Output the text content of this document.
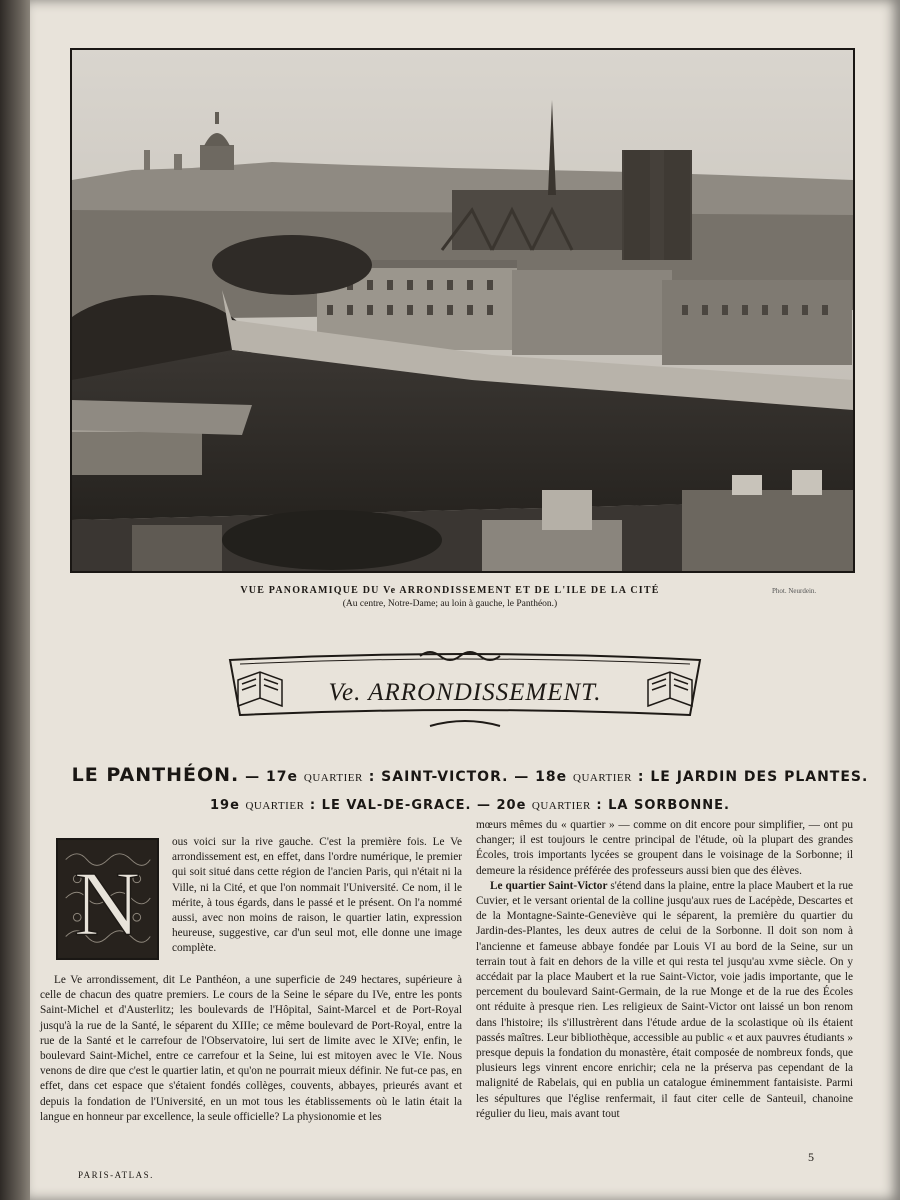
VUE PANORAMIQUE DU Ve ARRONDISSEMENT ET DE L'ILE DE LA CITÉ
(Au centre, Notre-Dame; au loin à gauche, le Panthéon.)
Phot. Neurdein.
Ve. ARRONDISSEMENT.
LE PANTHÉON. — 17e QUARTIER : SAINT-VICTOR. — 18e QUARTIER : LE JARDIN DES PLANTES.
19e QUARTIER : LE VAL-DE-GRACE. — 20e QUARTIER : LA SORBONNE.
N

ous voici sur la rive gauche. C'est la première fois. Le Ve arrondissement est, en effet, dans l'ordre numérique, le premier qui soit situé dans cette région de l'ancien Paris, qui n'était ni la Ville, ni la Cité, et que l'on nommait l'Université. Ce nom, il le mérite, à tous égards, dans le passé et le présent. On l'a nommé aussi, avec non moins de raison, le quartier latin, expression heureuse, suggestive, car d'un seul mot, elle donne une image complète.

Le Ve arrondissement, dit Le Panthéon, a une superficie de 249 hectares, supérieure à celle de chacun des quatre premiers. Le cours de la Seine le sépare du IVe, entre les ponts Saint-Michel et d'Austerlitz; les boulevards de l'Hôpital, Saint-Marcel et de Port-Royal jusqu'à la rue de la Santé, le séparent du XIIIe; ce même boulevard de Port-Royal, entre la rue de la Santé et le carrefour de l'Observatoire, lui sert de limite avec le XIVe; enfin, le boulevard Saint-Michel, entre ce carrefour et la Seine, lui est mitoyen avec le VIe. Nous venons de dire que c'est le quartier latin, et qu'on ne pourrait mieux définir. Ne fut-ce pas, en effet, dans cet espace que s'étaient fondés collèges, couvents, abbayes, prieurés avant et depuis la fondation de l'Université, en un mot tous les établissements où le latin était la langue en honneur par excellence, la seule officielle? La physionomie et les

mœurs mêmes du « quartier » — comme on dit encore pour simplifier, — ont pu changer; il est toujours le centre principal de l'étude, où la plupart des grandes Écoles, trois importants lycées se groupent dans le voisinage de la Sorbonne; il demeure la résidence préférée des professeurs aussi bien que des élèves.

Le quartier Saint-Victor s'étend dans la plaine, entre la place Maubert et la rue Cuvier, et le versant oriental de la colline jusqu'aux rues de Lacépède, Descartes et de la Montagne-Sainte-Geneviève qui le séparent, la première du quartier du Jardin-des-Plantes, les deux autres de celui de la Sorbonne. Il doit son nom à l'ancienne et fameuse abbaye fondée par Louis VI au bord de la Seine, sur un terrain tout à fait en dehors de la ville et qui resta tel jusqu'au xvme siècle. On y accédait par la place Maubert et la rue Saint-Victor, voie jadis importante, que le percement du boulevard Saint-Germain, de la rue Monge et de la rue des Écoles ont réduite à presque rien. Les religieux de Saint-Victor ont laissé un bon renom dans l'histoire; ils s'illustrèrent dans l'étude ardue de la scolastique où ils étaient passés maîtres. Leur bibliothèque, accessible au public « et aux pauvres étudiants » presque depuis la fondation du monastère, était composée de nombreux fonds, que plusieurs legs vinrent encore enrichir; cela ne la préserva pas cependant de la malignité de Rabelais, qui en publia un catalogue éminemment fantaisiste. Parmi les sépultures que l'église renfermait, il faut citer celle de Santeuil, chanoine régulier du lieu, mais avant tout

PARIS-ATLAS.
5
